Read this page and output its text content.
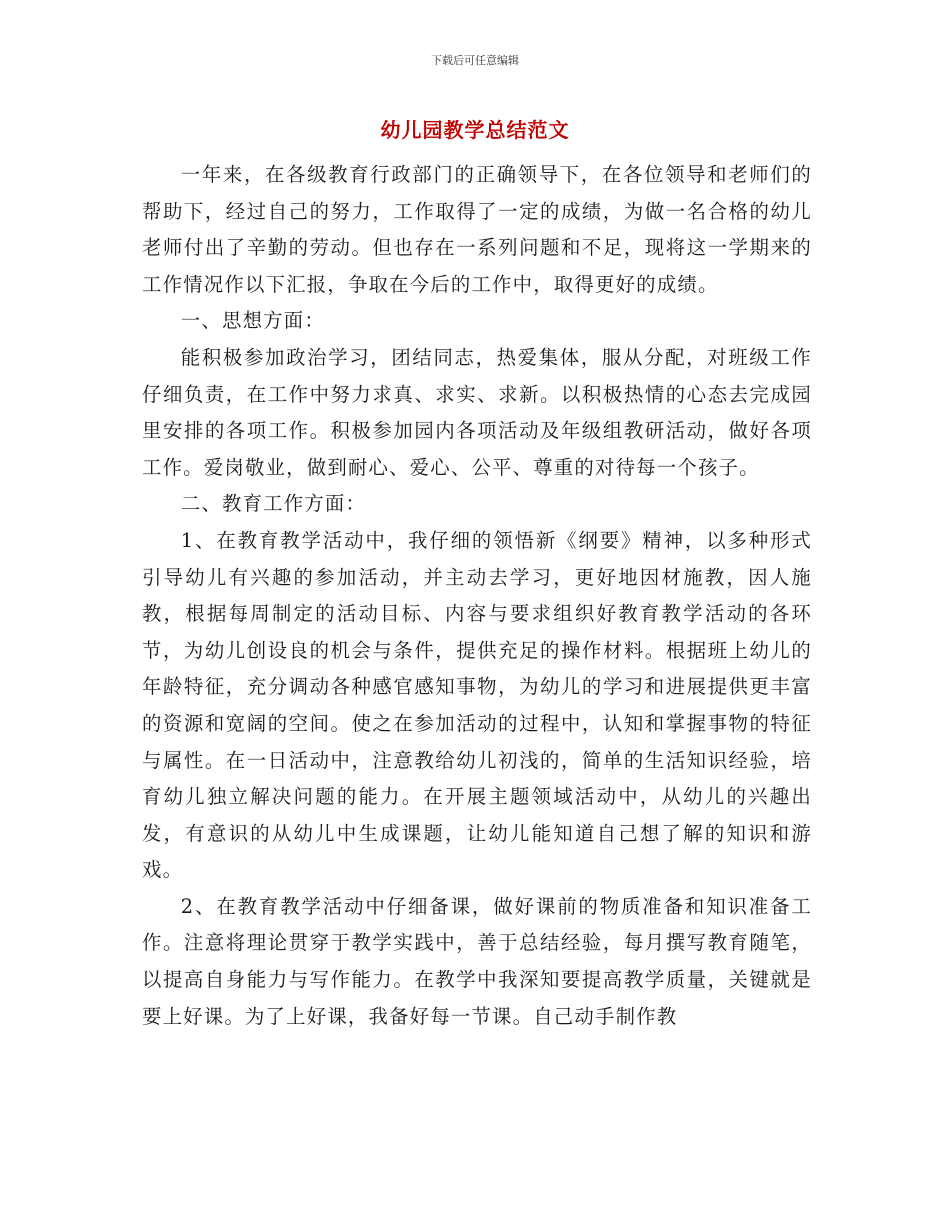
下载后可任意编辑
幼儿园教学总结范文

一年来，在各级教育行政部门的正确领导下，在各位领导和老师们的帮助下，经过自己的努力，工作取得了一定的成绩，为做一名合格的幼儿老师付出了辛勤的劳动。但也存在一系列问题和不足，现将这一学期来的工作情况作以下汇报，争取在今后的工作中，取得更好的成绩。

一、思想方面：

能积极参加政治学习，团结同志，热爱集体，服从分配，对班级工作仔细负责，在工作中努力求真、求实、求新。以积极热情的心态去完成园里安排的各项工作。积极参加园内各项活动及年级组教研活动，做好各项工作。爱岗敬业，做到耐心、爱心、公平、尊重的对待每一个孩子。

二、教育工作方面：

1、在教育教学活动中，我仔细的领悟新《纲要》精神，以多种形式引导幼儿有兴趣的参加活动，并主动去学习，更好地因材施教，因人施教，根据每周制定的活动目标、内容与要求组织好教育教学活动的各环节，为幼儿创设良的机会与条件，提供充足的操作材料。根据班上幼儿的年龄特征，充分调动各种感官感知事物，为幼儿的学习和进展提供更丰富的资源和宽阔的空间。使之在参加活动的过程中，认知和掌握事物的特征与属性。在一日活动中，注意教给幼儿初浅的，简单的生活知识经验，培育幼儿独立解决问题的能力。在开展主题领域活动中，从幼儿的兴趣出发，有意识的从幼儿中生成课题，让幼儿能知道自己想了解的知识和游戏。

2、在教育教学活动中仔细备课，做好课前的物质准备和知识准备工作。注意将理论贯穿于教学实践中，善于总结经验，每月撰写教育随笔，以提高自身能力与写作能力。在教学中我深知要提高教学质量，关键就是要上好课。为了上好课，我备好每一节课。自己动手制作教
